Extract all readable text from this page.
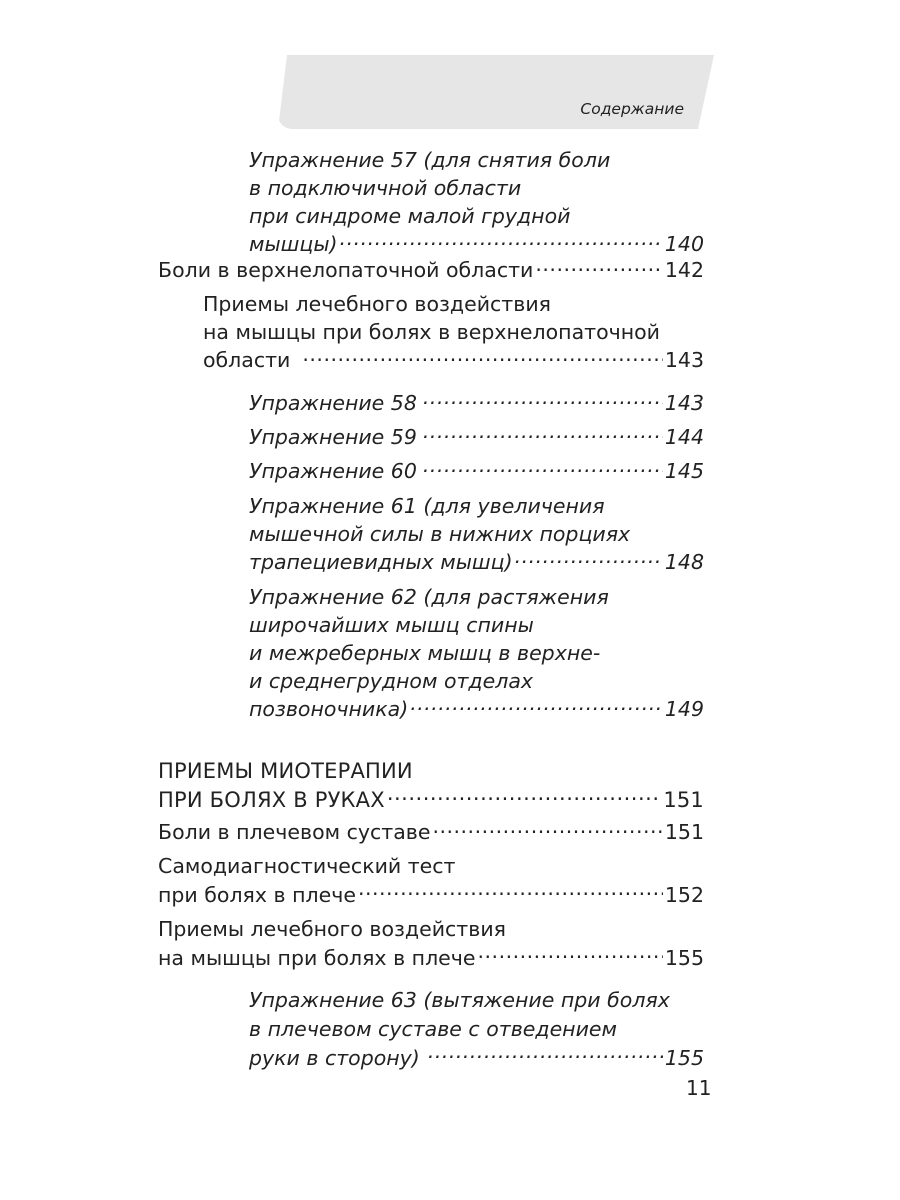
Содержание
Упражнение 57 (для снятия боли
в подключичной области
при синдроме малой грудной
мышцы) .....	140
Боли в верхнелопаточной области .....	142
Приемы лечебного воздействия
на мышцы при болях в верхнелопаточной
области .....	143
Упражнение 58 .....	143
Упражнение 59 .....	144
Упражнение 60 .....	145
Упражнение 61 (для увеличения
мышечной силы в нижних порциях
трапециевидных мышц) .....	148
Упражнение 62 (для растяжения
широчайших мышц спины
и межреберных мышц в верхне-
и среднегрудном отделах
позвоночника) .....	149
ПРИЕМЫ МИОТЕРАПИИ
ПРИ БОЛЯХ В РУКАХ .....	151
Боли в плечевом суставе .....	151
Самодиагностический тест
при болях в плече .....	152
Приемы лечебного воздействия
на мышцы при болях в плече .....	155
Упражнение 63 (вытяжение при болях
в плечевом суставе с отведением
руки в сторону) .....	155
11
